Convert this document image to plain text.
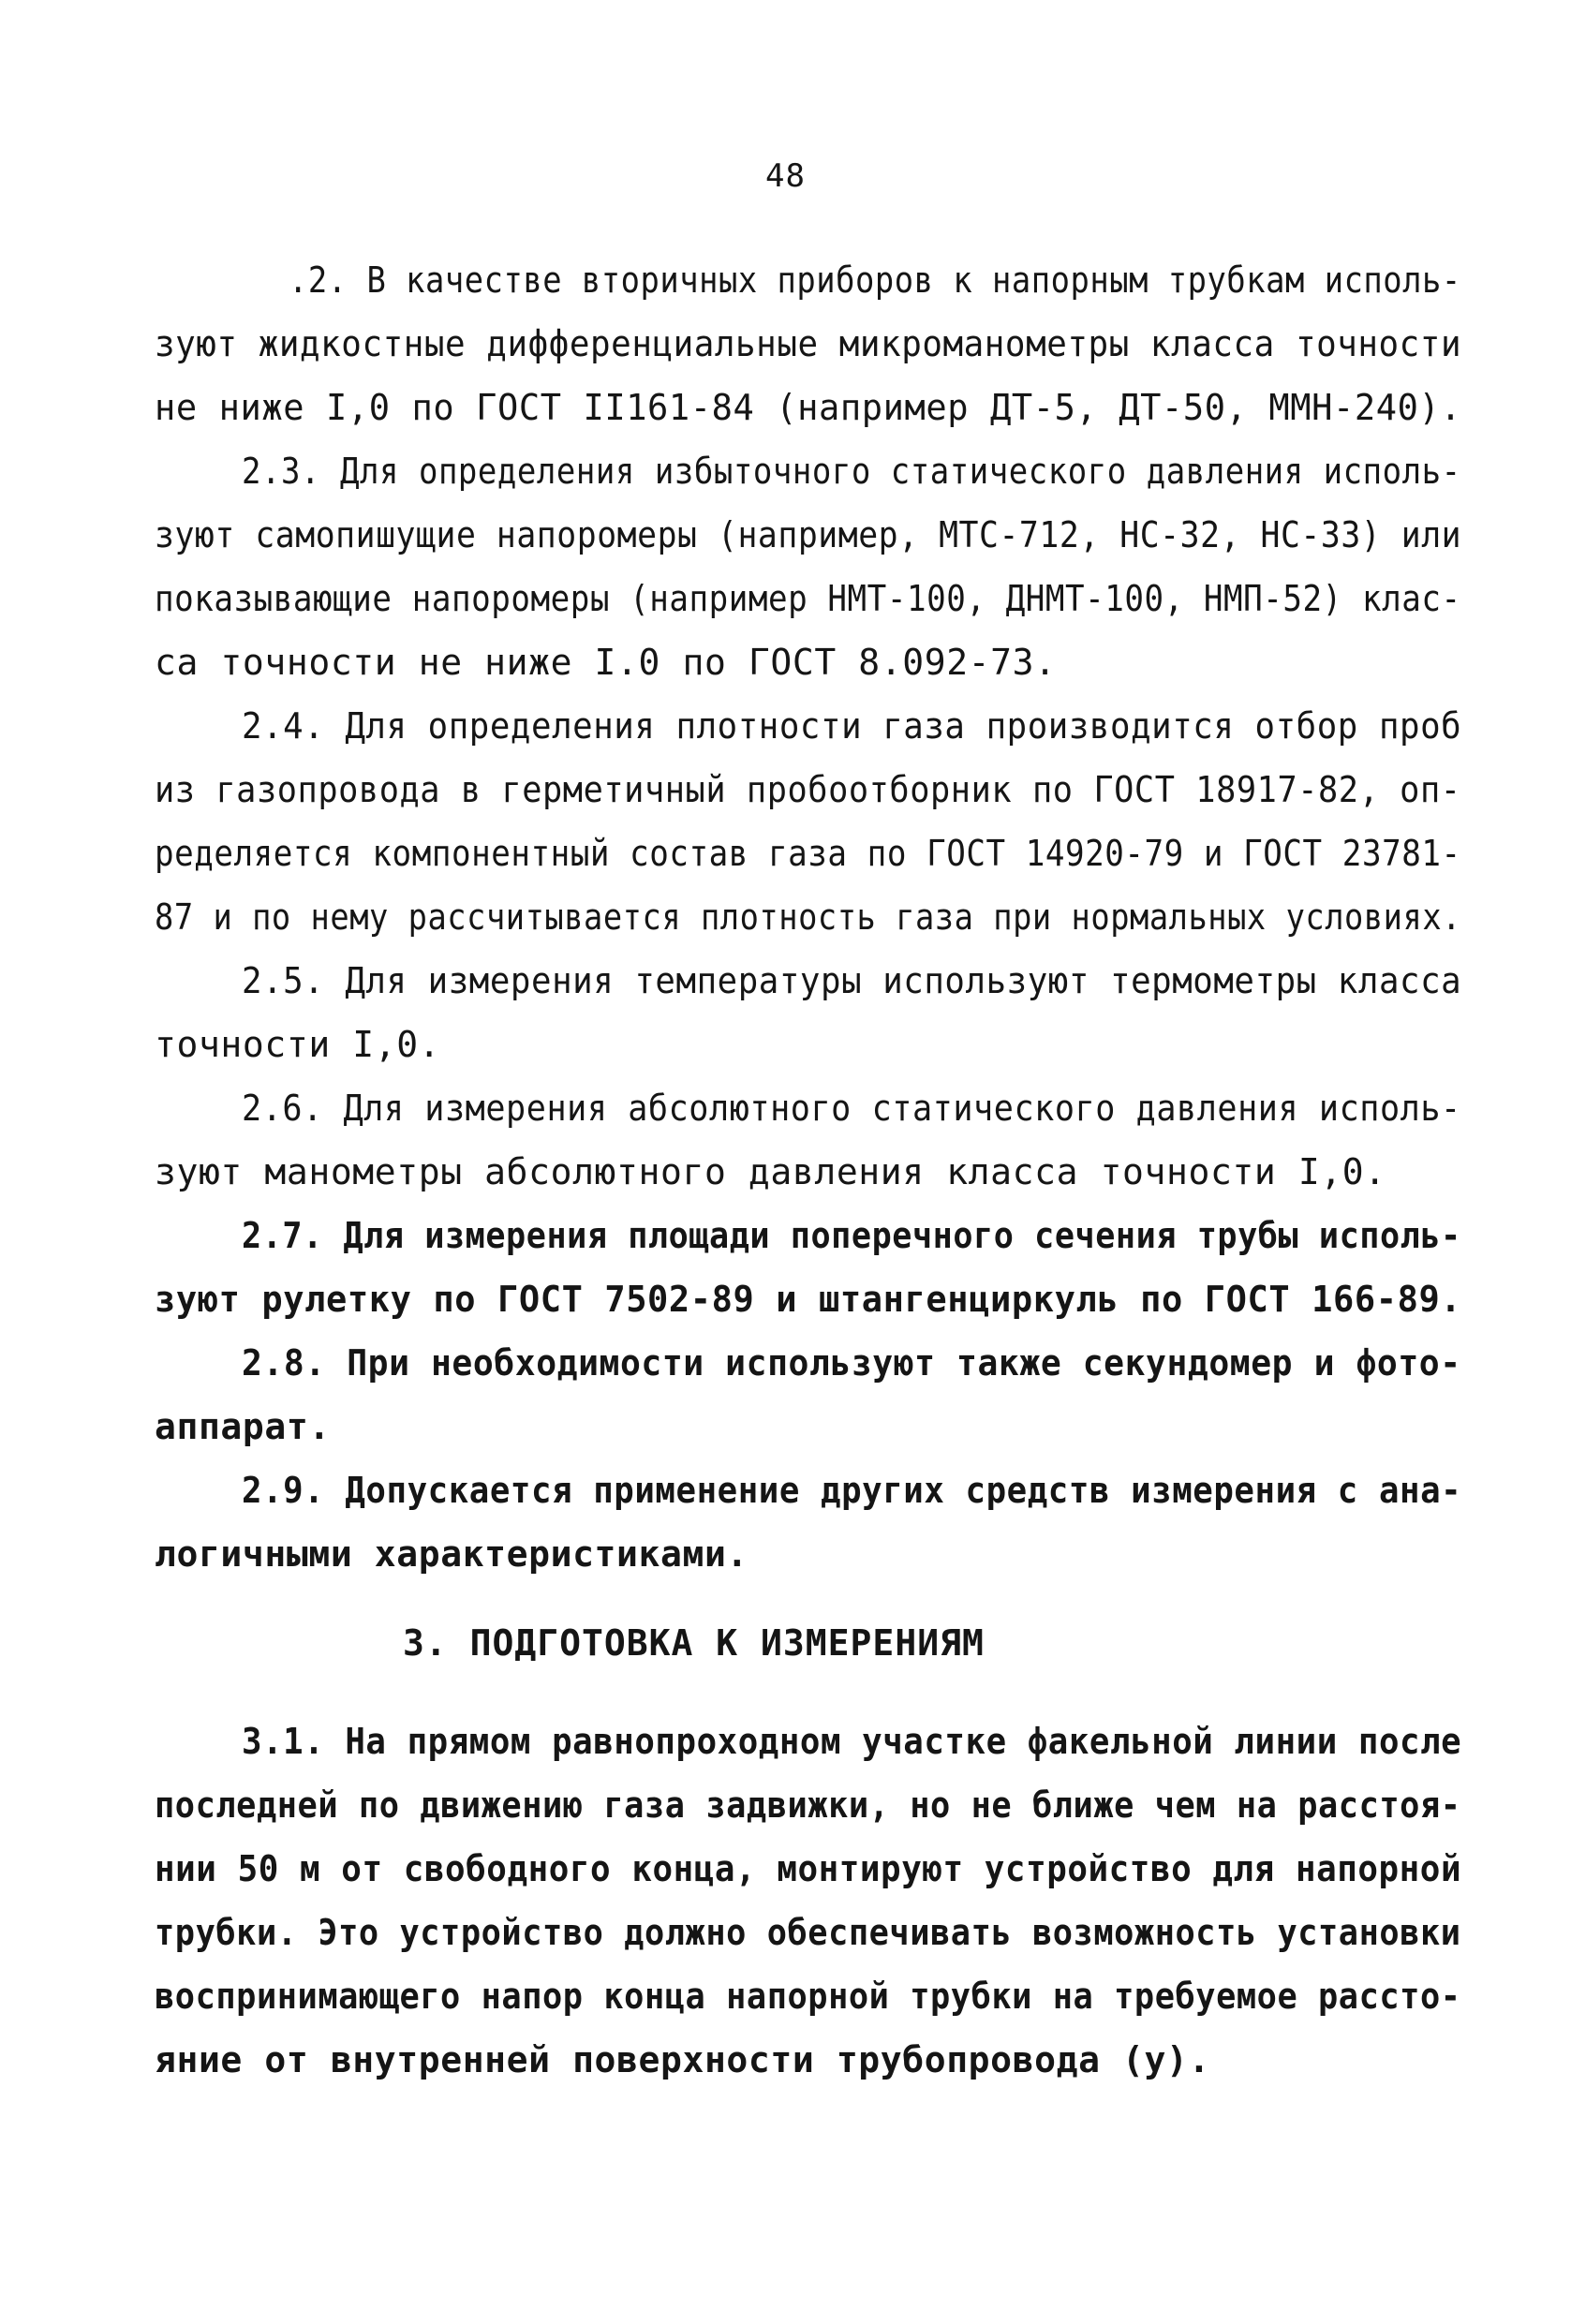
48
.2. В качестве вторичных приборов к напорным трубкам исполь-
зуют жидкостные дифференциальные микроманометры класса точности
не ниже I,0 по ГОСТ II161-84 (например ДТ-5, ДТ-50, ММН-240).
2.3. Для определения избыточного статического давления исполь-
зуют самопишущие напоромеры (например, МТС-712, НС-32, НС-33) или
показывающие напоромеры (например НМТ-100, ДНМТ-100, НМП-52) клас-
са точности не ниже I.0 по ГОСТ 8.092-73.
2.4. Для определения плотности газа производится отбор проб
из газопровода в герметичный пробоотборник по ГОСТ 18917-82, оп-
ределяется компонентный состав газа по ГОСТ 14920-79 и ГОСТ 23781-
87 и по нему рассчитывается плотность газа при нормальных условиях.
2.5. Для измерения температуры используют термометры класса
точности I,0.
2.6. Для измерения абсолютного статического давления исполь-
зуют манометры абсолютного давления класса точности I,0.
2.7. Для измерения площади поперечного сечения трубы исполь-
зуют рулетку по ГОСТ 7502-89 и штангенциркуль по ГОСТ 166-89.
2.8. При необходимости используют также секундомер и фото-
аппарат.
2.9. Допускается применение других средств измерения с ана-
логичными характеристиками.
3. ПОДГОТОВКА К ИЗМЕРЕНИЯМ
3.1. На прямом равнопроходном участке факельной линии после
последней по движению газа задвижки, но не ближе чем на расстоя-
нии 50 м от свободного конца, монтируют устройство для напорной
трубки. Это устройство должно обеспечивать возможность установки
воспринимающего напор конца напорной трубки на требуемое рассто-
яние от внутренней поверхности трубопровода (у).
